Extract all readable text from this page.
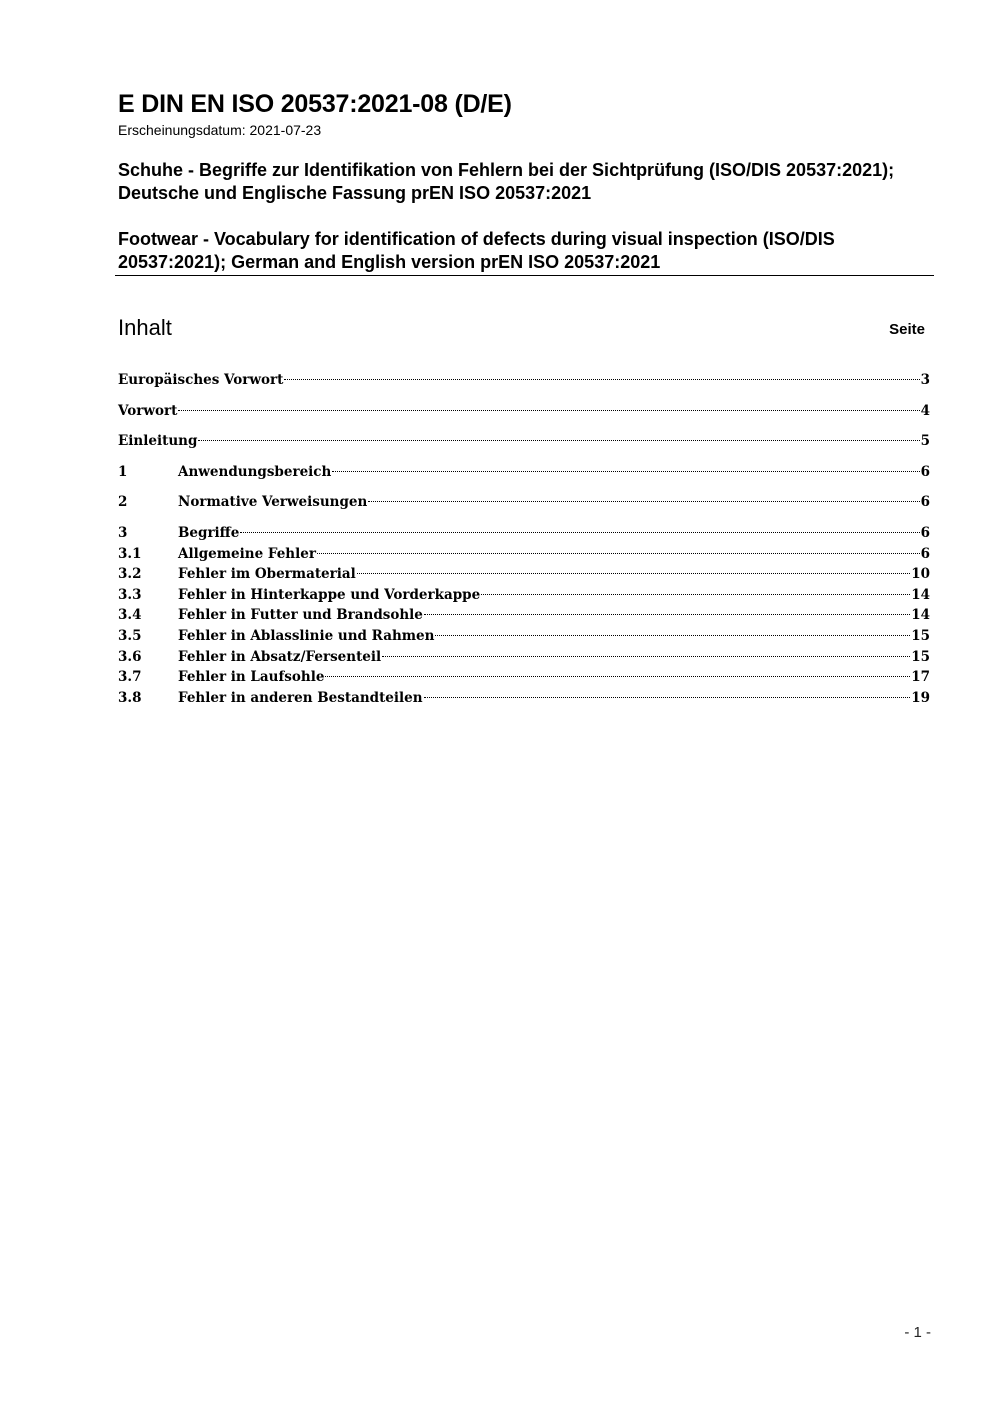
E DIN EN ISO 20537:2021-08 (D/E)
Erscheinungsdatum: 2021-07-23
Schuhe - Begriffe zur Identifikation von Fehlern bei der Sichtprüfung (ISO/DIS 20537:2021); Deutsche und Englische Fassung prEN ISO 20537:2021
Footwear - Vocabulary for identification of defects during visual inspection (ISO/DIS 20537:2021); German and English version prEN ISO 20537:2021
Inhalt	Seite
Europäisches Vorwort	3
Vorwort	4
Einleitung	5
1	Anwendungsbereich	6
2	Normative Verweisungen	6
3	Begriffe	6
3.1	Allgemeine Fehler	6
3.2	Fehler im Obermaterial	10
3.3	Fehler in Hinterkappe und Vorderkappe	14
3.4	Fehler in Futter und Brandsohle	14
3.5	Fehler in Ablasslinie und Rahmen	15
3.6	Fehler in Absatz/Fersenteil	15
3.7	Fehler in Laufsohle	17
3.8	Fehler in anderen Bestandteilen	19
- 1 -
